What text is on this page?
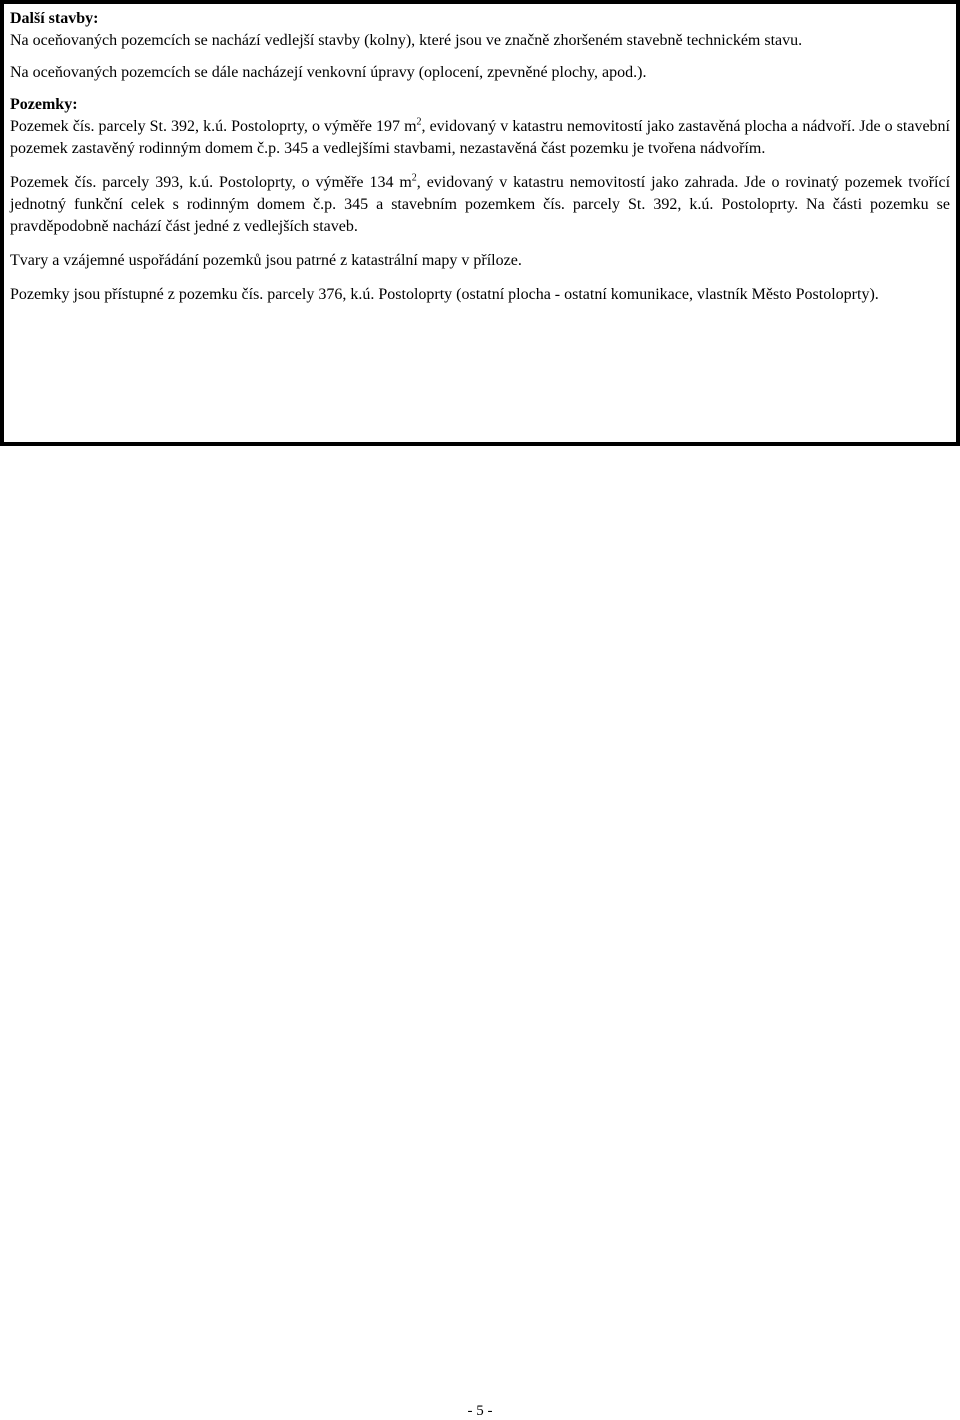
Další stavby:

Na oceňovaných pozemcích se nachází vedlejší stavby (kolny), které jsou ve značně zhoršeném stavebně technickém stavu.

Na oceňovaných pozemcích se dále nacházejí venkovní úpravy (oplocení, zpevněné plochy, apod.).

Pozemky:

Pozemek čís. parcely St. 392, k.ú. Postoloprty, o výměře 197 $m^2$, evidovaný v katastru nemovitostí jako zastavěná plocha a nádvoří. Jde o stavební pozemek zastavěný rodinným domem č.p. 345 a vedlejšími stavbami, nezastavěná část pozemku je tvořena nádvořím.

Pozemek čís. parcely 393, k.ú. Postoloprty, o výměře 134 $m^2$, evidovaný v katastru nemovitostí jako zahrada. Jde o rovinatý pozemek tvořící jednotný funkční celek s rodinným domem č.p. 345 a stavebním pozemkem čís. parcely St. 392, k.ú. Postoloprty. Na části pozemku se pravděpodobně nachází část jedné z vedlejších staveb.

Tvary a vzájemné uspořádání pozemků jsou patrné z katastrální mapy v příloze.

Pozemky jsou přístupné z pozemku čís. parcely 376, k.ú. Postoloprty (ostatní plocha - ostatní komunikace, vlastník Město Postoloprty).

- 5 -
